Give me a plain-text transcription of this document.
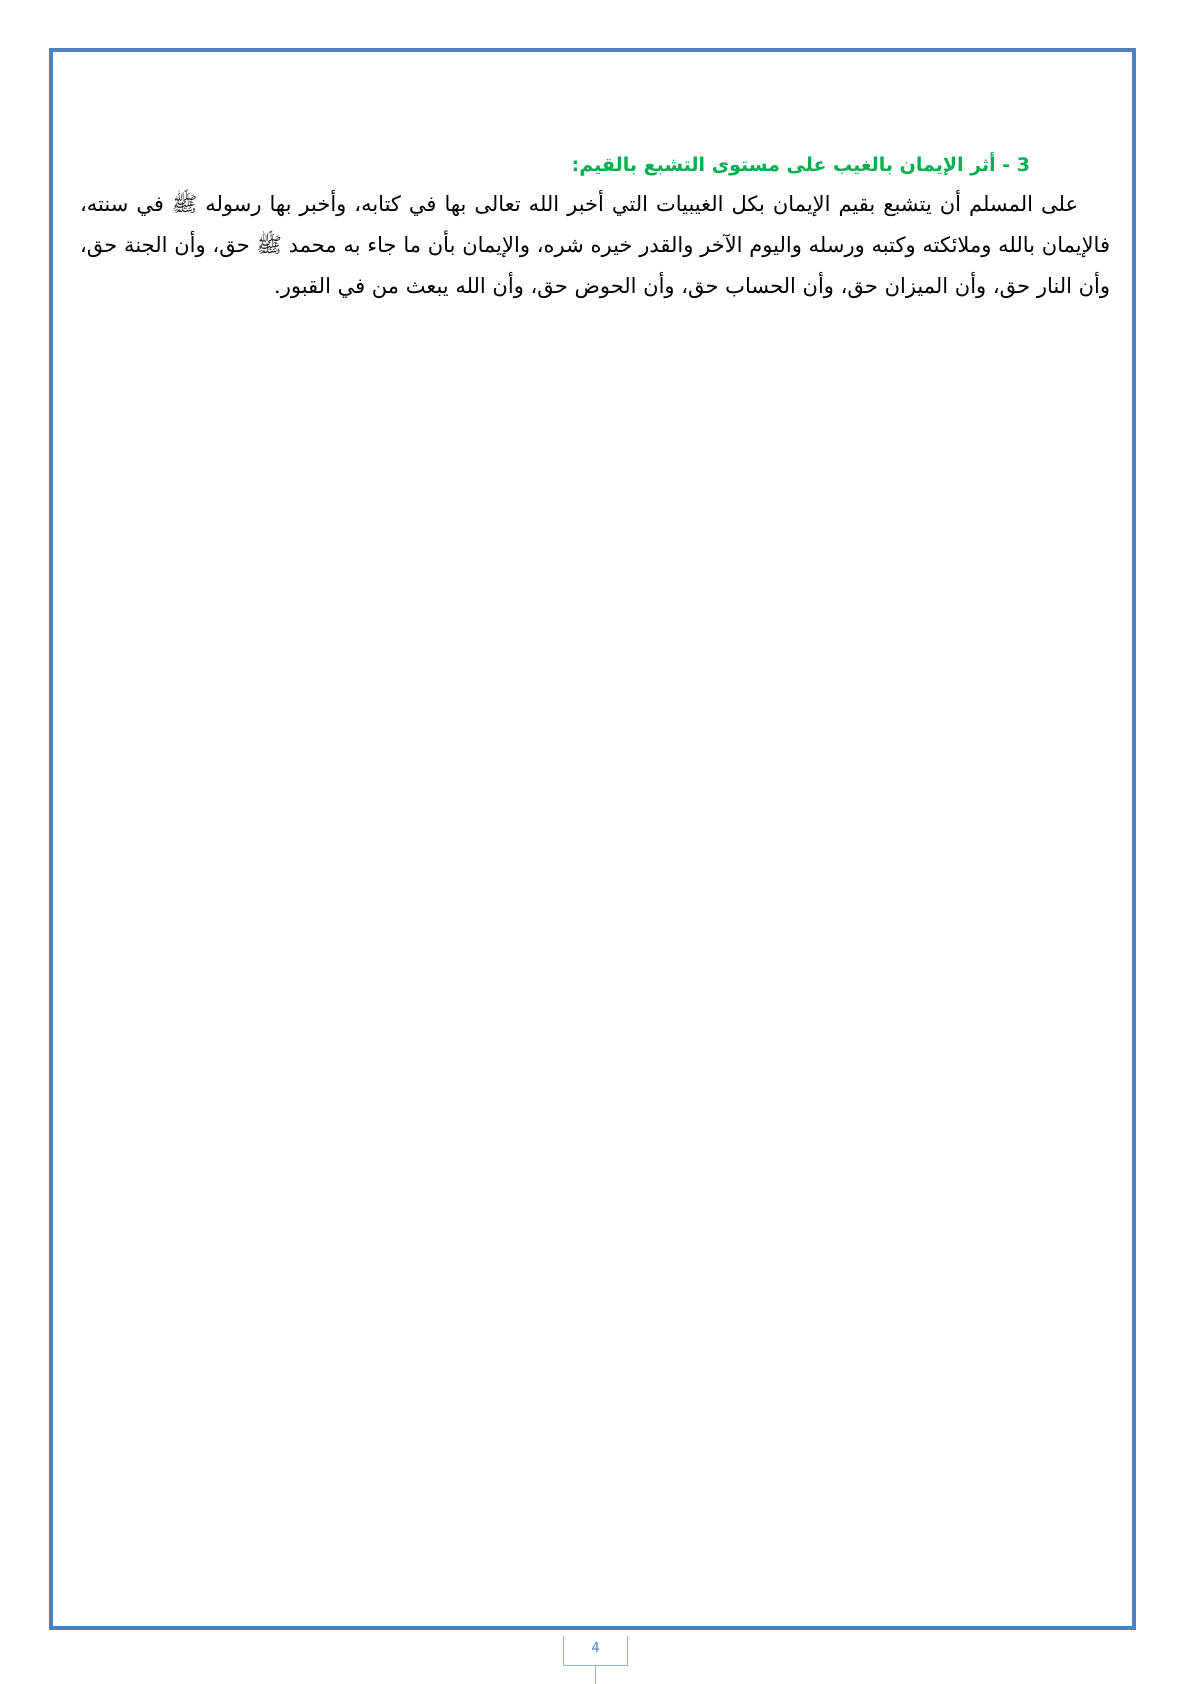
3 - أثر الإيمان بالغيب على مستوى التشبع بالقيم:

على المسلم أن يتشبع بقيم الإيمان بكل الغيبيات التي أخبر الله تعالى بها في كتابه، وأخبر بها رسوله ﷺ في سنته، فالإيمان بالله وملائكته وكتبه ورسله واليوم الآخر والقدر خيره شره، والإيمان بأن ما جاء به محمد ﷺ حق، وأن الجنة حق، وأن النار حق، وأن الميزان حق، وأن الحساب حق، وأن الحوض حق، وأن الله يبعث من في القبور.

4
